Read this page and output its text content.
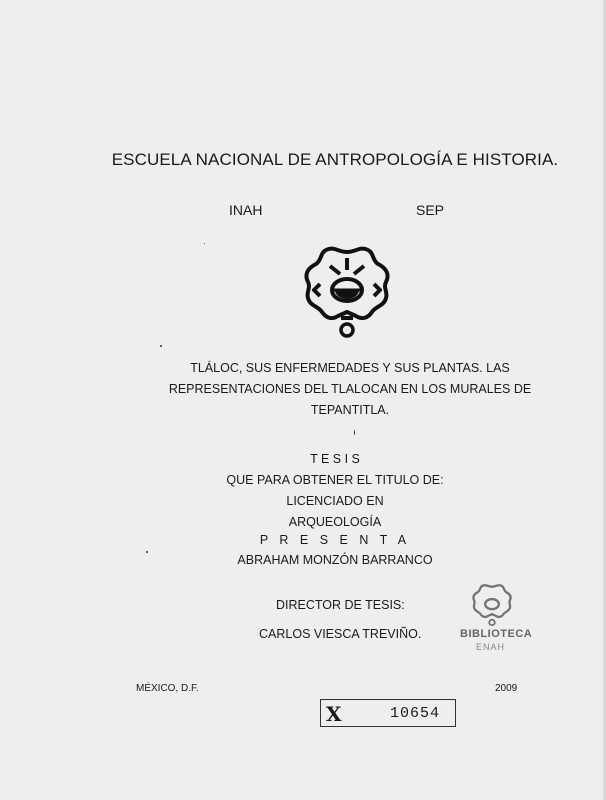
ESCUELA NACIONAL DE ANTROPOLOGÍA E HISTORIA.
INAH	SEP
TLÁLOC, SUS ENFERMEDADES Y SUS PLANTAS. LAS
REPRESENTACIONES DEL TLALOCAN EN LOS MURALES DE
TEPANTITLA.
T E S I S
QUE PARA OBTENER EL TITULO DE:
LICENCIADO EN
ARQUEOLOGÍA
P R E S E N T A
ABRAHAM MONZÓN BARRANCO
DIRECTOR DE TESIS:
CARLOS VIESCA TREVIÑO.	BIBLIOTECA
ENAH
MÉXICO, D.F.	2009
X	10654
